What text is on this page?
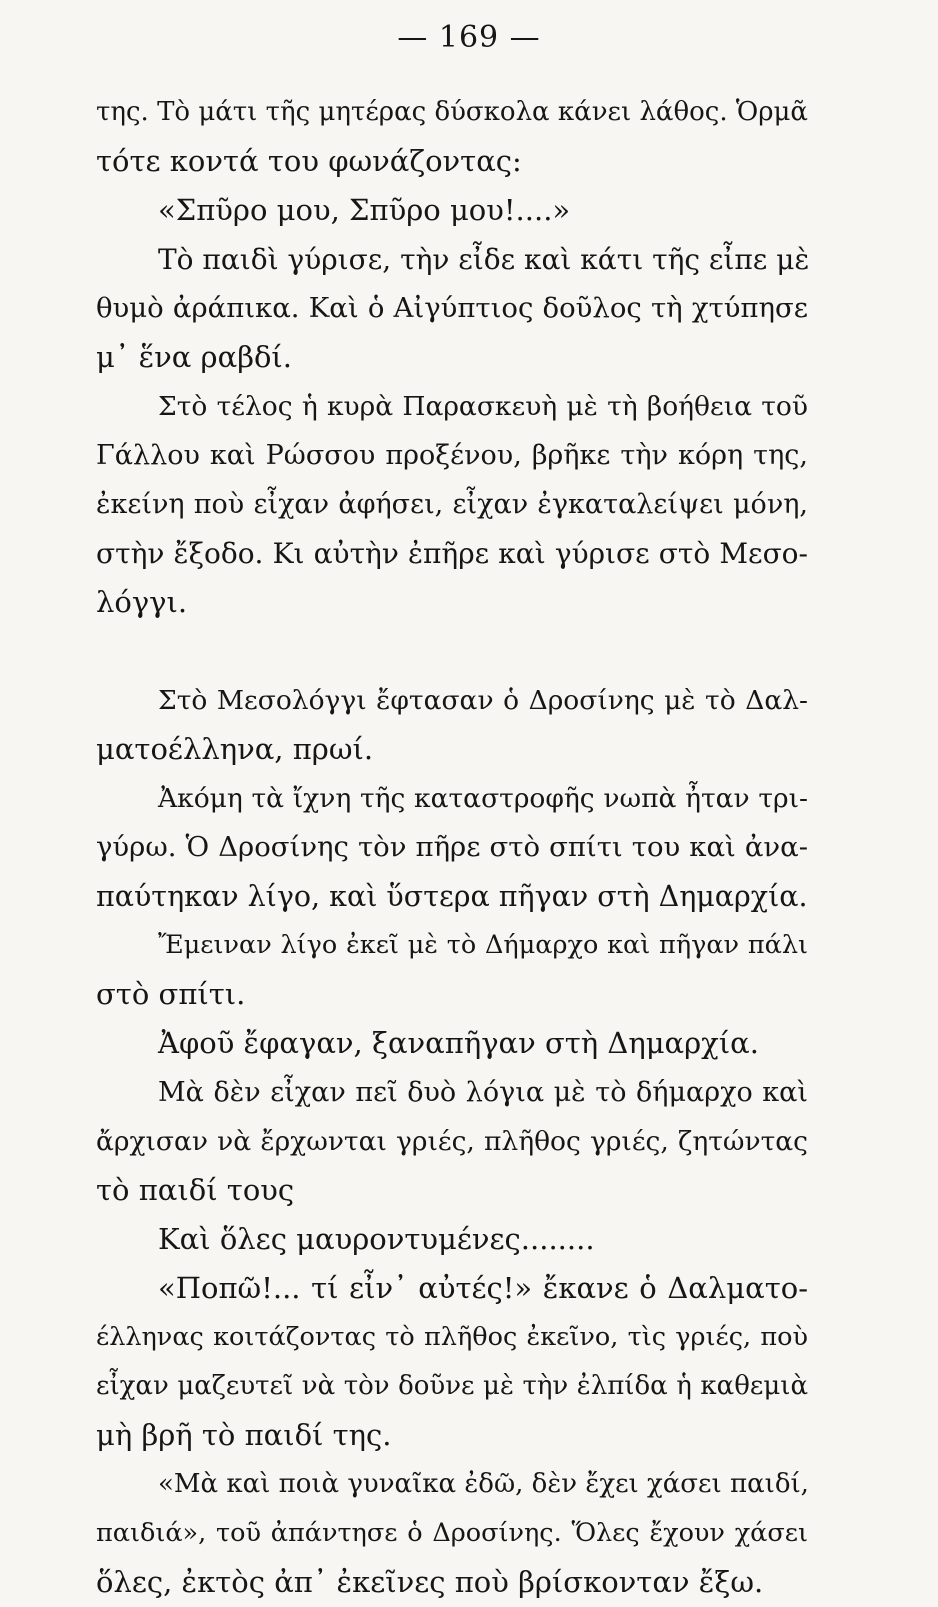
— 169 —
της. Τὸ μάτι τῆς μητέρας δύσκολα κάνει λάθος. Ὁρμᾶ
τότε κοντά του φωνάζοντας:
«Σπῦρο μου, Σπῦρο μου!....»
Τὸ παιδὶ γύρισε, τὴν εἶδε καὶ κάτι τῆς εἶπε μὲ
θυμὸ ἀράπικα. Καὶ ὁ Αἰγύπτιος δοῦλος τὴ χτύπησε
μ᾽ ἕνα ραβδί.
Στὸ τέλος ἡ κυρὰ Παρασκευὴ μὲ τὴ βοήθεια τοῦ
Γάλλου καὶ Ρώσσου προξένου, βρῆκε τὴν κόρη της,
ἐκείνη ποὺ εἶχαν ἀφήσει, εἶχαν ἐγκαταλείψει μόνη,
στὴν ἔξοδο. Κι αὐτὴν ἐπῆρε καὶ γύρισε στὸ Μεσο-
λόγγι.
Στὸ Μεσολόγγι ἔφτασαν ὁ Δροσίνης μὲ τὸ Δαλ-
ματοέλληνα, πρωί.
Ἀκόμη τὰ ἴχνη τῆς καταστροφῆς νωπὰ ἦταν τρι-
γύρω. Ὁ Δροσίνης τὸν πῆρε στὸ σπίτι του καὶ ἀνα-
παύτηκαν λίγο, καὶ ὕστερα πῆγαν στὴ Δημαρχία.
Ἔμειναν λίγο ἐκεῖ μὲ τὸ Δήμαρχο καὶ πῆγαν πάλι
στὸ σπίτι.
Ἀφοῦ ἔφαγαν, ξαναπῆγαν στὴ Δημαρχία.
Μὰ δὲν εἶχαν πεῖ δυὸ λόγια μὲ τὸ δήμαρχο καὶ
ἄρχισαν νὰ ἔρχωνται γριές, πλῆθος γριές, ζητώντας
τὸ παιδί τους
Καὶ ὅλες μαυροντυμένες........
«Ποπῶ!... τί εἶν᾽ αὐτές!» ἔκανε ὁ Δαλματο-
έλληνας κοιτάζοντας τὸ πλῆθος ἐκεῖνο, τὶς γριές, ποὺ
εἶχαν μαζευτεῖ νὰ τὸν δοῦνε μὲ τὴν ἐλπίδα ἡ καθεμιὰ
μὴ βρῆ τὸ παιδί της.
«Μὰ καὶ ποιὰ γυναῖκα ἐδῶ, δὲν ἔχει χάσει παιδί,
παιδιά», τοῦ ἀπάντησε ὁ Δροσίνης. Ὅλες ἔχουν χάσει
ὅλες, ἐκτὸς ἀπ᾽ ἐκεῖνες ποὺ βρίσκονταν ἔξω.
